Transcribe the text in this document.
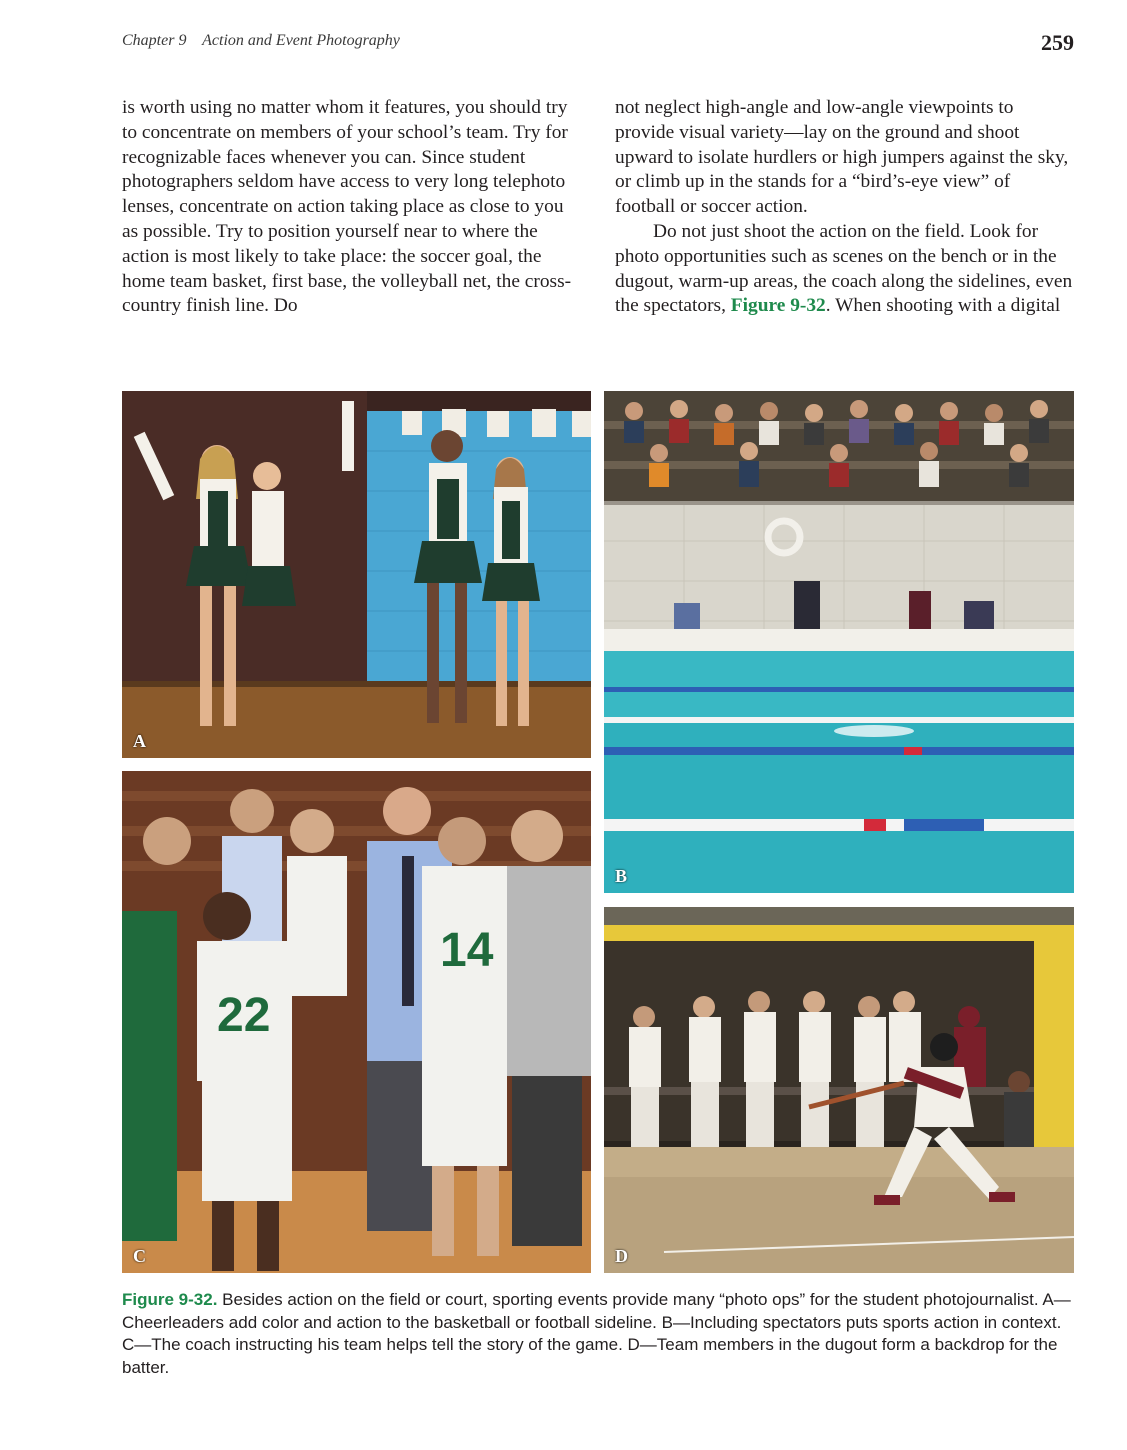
Chapter 9    Action and Event Photography	259

is worth using no matter whom it features, you should try to concentrate on members of your school’s team. Try for recognizable faces whenever you can. Since student photographers seldom have access to very long telephoto lenses, concentrate on action taking place as close to you as possible. Try to position yourself near to where the action is most likely to take place: the soccer goal, the home team basket, first base, the volleyball net, the cross-country finish line. Do

not neglect high-angle and low-angle viewpoints to provide visual variety—lay on the ground and shoot upward to isolate hurdlers or high jumpers against the sky, or climb up in the stands for a “bird’s-eye view” of football or soccer action.

Do not just shoot the action on the field. Look for photo opportunities such as scenes on the bench or in the dugout, warm-up areas, the coach along the sidelines, even the spectators, Figure 9-32. When shooting with a digital

A
B
22
14
C	D
Figure 9-32. Besides action on the field or court, sporting events provide many “photo ops” for the student photojournalist. A—Cheerleaders add color and action to the basketball or football sideline. B—Including spectators puts sports action in context. C—The coach instructing his team helps tell the story of the game. D—Team members in the dugout form a backdrop for the batter.
